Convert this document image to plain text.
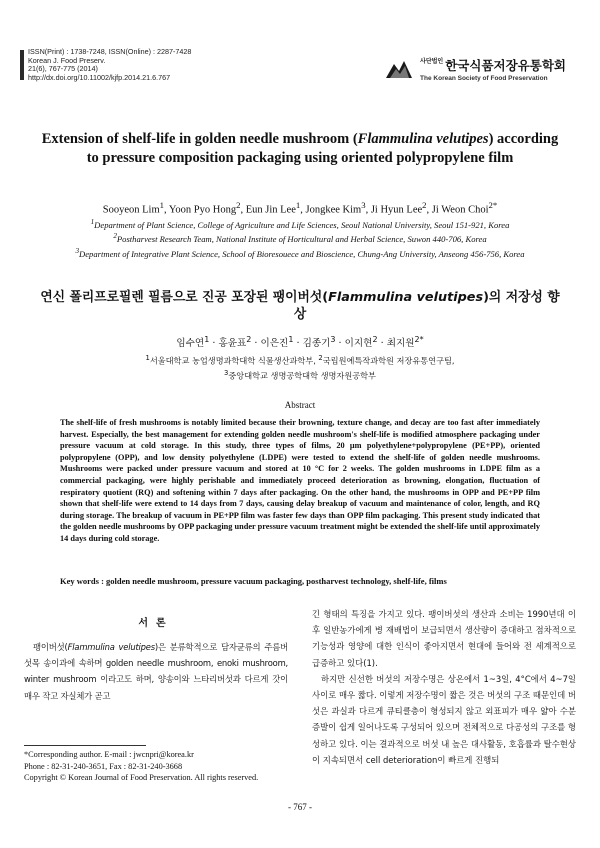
ISSN(Print) : 1738-7248, ISSN(Online) : 2287-7428
Korean J. Food Preserv.
21(6), 767-775 (2014)
http://dx.doi.org/10.11002/kjfp.2014.21.6.767
$^{사단법인}$ 한국식품저장유통학회
The Korean Society of Food Preservation
Extension of shelf-life in golden needle mushroom (Flammulina velutipes) according to pressure composition packaging using oriented polypropylene film
Sooyeon Lim$^1$, Yoon Pyo Hong$^2$, Eun Jin Lee$^1$, Jongkee Kim$^3$, Ji Hyun Lee$^2$, Ji Weon Choi$^{2*}$
$^1$Department of Plant Science, College of Agriculture and Life Sciences, Seoul National University, Seoul 151-921, Korea
$^2$Postharvest Research Team, National Institute of Horticultural and Herbal Science, Suwon 440-706, Korea
$^3$Department of Integrative Plant Science, School of Bioresouece and Bioscience, Chung-Ang University, Anseong 456-756, Korea
연신 폴리프로필렌 필름으로 진공 포장된 팽이버섯(Flammulina velutipes)의 저장성 향상
임수연$^1$ · 홍윤표$^2$ · 이은진$^1$ · 김종기$^3$ · 이지현$^2$ · 최지원$^{2*}$
$^1$서울대학교 농업생명과학대학 식물생산과학부, $^2$국립원예특작과학원 저장유통연구팀,
$^3$중앙대학교 생명공학대학 생명자원공학부
Abstract
The shelf-life of fresh mushrooms is notably limited because their browning, texture change, and decay are too fast after immediately harvest. Especially, the best management for extending golden needle mushroom's shelf-life is modified atmosphere packaging under pressure vacuum at cold storage. In this study, three types of films, 20 μm polyethylene+polypropylene (PE+PP), oriented polypropylene (OPP), and low density polyethylene (LDPE) were tested to extend the shelf-life of golden needle mushrooms. Mushrooms were packed under pressure vacuum and stored at 10 °C for 2 weeks. The golden mushrooms in LDPE film as a commercial packaging, were highly perishable and immediately proceed deterioration as browning, elongation, fluctuation of respiratory quotient (RQ) and softening within 7 days after packaging. On the other hand, the mushrooms in OPP and PE+PP film shown that shelf-life were extend to 14 days from 7 days, causing delay breakup of vacuum and maintenance of color, length, and RQ during storage. The breakup of vacuum in PE+PP film was faster few days than OPP film packaging. This present study indicated that the golden needle mushrooms by OPP packaging under pressure vacuum treatment might be extended the shelf-life until approximately 14 days during cold storage.
Key words : golden needle mushroom, pressure vacuum packaging, postharvest technology, shelf-life, films
서론

팽이버섯(Flammulina velutipes)은 분류학적으로 담자균류의 주름버섯목 송이과에 속하며 golden needle mushroom, enoki mushroom, winter mushroom 이라고도 하며, 양송이와 느타리버섯과 다르게 갓이 매우 작고 자실체가 곧고

긴 형태의 특징을 가지고 있다. 팽이버섯의 생산과 소비는 1990년대 이후 일반농가에게 병 재배법이 보급되면서 생산량이 증대하고 점차적으로 기능성과 영양에 대한 인식이 좋아지면서 현대에 들어와 전 세계적으로 급증하고 있다(1).

하지만 신선한 버섯의 저장수명은 상온에서 1~3일, 4°C에서 4~7일 사이로 매우 짧다. 이렇게 저장수명이 짧은 것은 버섯의 구조 때문인데 버섯은 과실과 다르게 큐티클층이 형성되지 않고 외표피가 매우 얇아 수분증발이 쉽게 일어나도록 구성되어 있으며 전체적으로 다공성의 구조를 형성하고 있다. 이는 결과적으로 버섯 내 높은 대사활동, 호흡률과 탈수현상이 지속되면서 cell deterioration이 빠르게 진행되

*Corresponding author. E-mail : jwcnpri@korea.kr
Phone : 82-31-240-3651, Fax : 82-31-240-3668
Copyright © Korean Journal of Food Preservation. All rights reserved.
- 767 -
